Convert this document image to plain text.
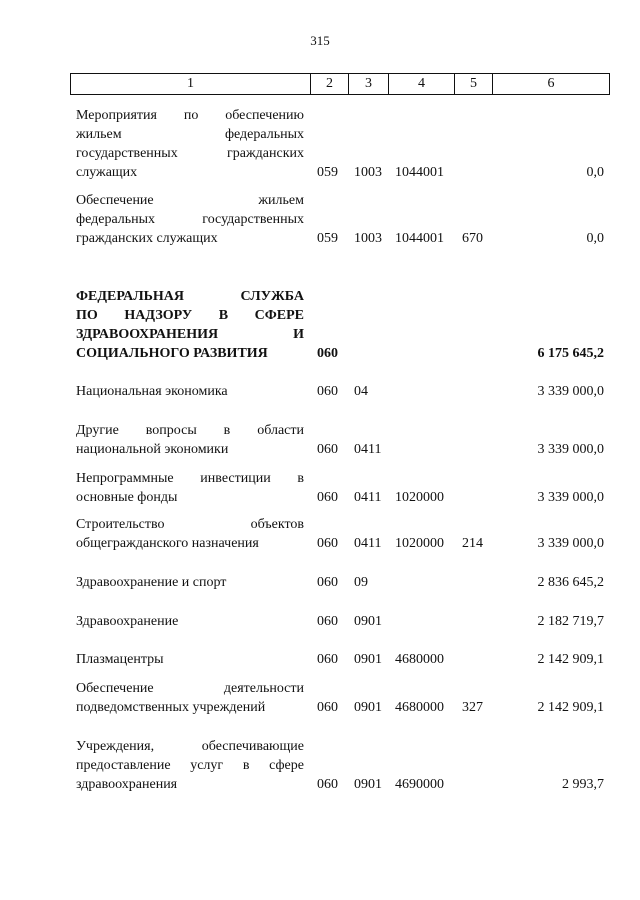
315
1	2	3	4	5	6
Мероприятия по обеспечению
жильем федеральных
государственных гражданских
служащих	059 1003 1044001	0,0
Обеспечение жильем
федеральных государственных
гражданских служащих	059 1003 1044001 670	0,0
ФЕДЕРАЛЬНАЯ СЛУЖБА
ПО НАДЗОРУ В СФЕРЕ
ЗДРАВООХРАНЕНИЯ И
СОЦИАЛЬНОГО РАЗВИТИЯ	060	6 175 645,2
Национальная экономика	060 04	3 339 000,0
Другие вопросы в области
национальной экономики	060 0411	3 339 000,0
Непрограммные инвестиции в
основные фонды	060 0411 1020000	3 339 000,0
Строительство объектов
общегражданского назначения	060 0411 1020000 214	3 339 000,0
Здравоохранение и спорт	060 09	2 836 645,2
Здравоохранение	060 0901	2 182 719,7
Плазмацентры	060 0901 4680000	2 142 909,1
Обеспечение деятельности
подведомственных учреждений	060 0901 4680000 327	2 142 909,1
Учреждения, обеспечивающие
предоставление услуг в сфере
здравоохранения	060 0901 4690000	2 993,7
